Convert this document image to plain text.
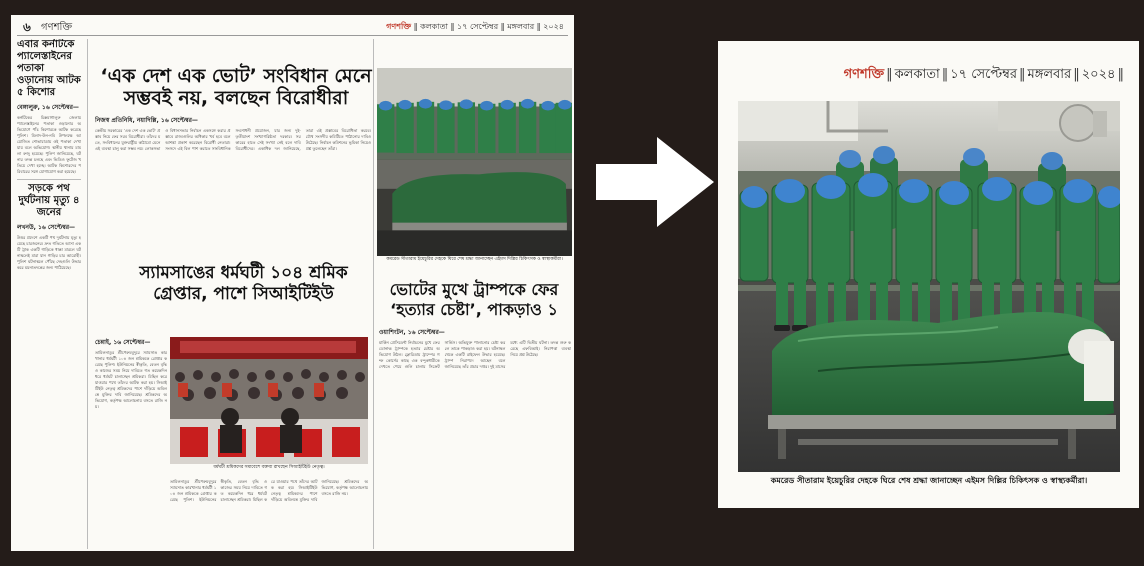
৬ গণশক্তি	গণশক্তি ‖ কলকাতা ‖ ১৭ সেপ্টেম্বর ‖ মঙ্গলবার ‖ ২০২৪
এবার কর্নাটকে প্যালেস্তাইনের পতাকা ওড়ানোয় আটক ৫ কিশোর
বেঙ্গালুরু, ১৬ সেপ্টেম্বর—
কর্নাটকের চিক্কমাগালুরু জেলায় প্যালেস্তাইনের পতাকা ওড়ানোর অভিযোগে পাঁচ কিশোরকে আটক করেছে পুলিশ। মিলাদ-উন-নবি উপলক্ষে আয়োজিত শোভাযাত্রায় ওই পতাকা দেখা যায় বলে অভিযোগ। স্থানীয় থানায় মামলা রুজু হয়েছে। পুলিশ জানিয়েছে, ঘটনার তদন্ত চলছে এবং ভিডিও ফুটেজ খতিয়ে দেখা হচ্ছে। আটক কিশোরদের পরিবারের সঙ্গে যোগাযোগ করা হয়েছে।
সড়কে পথ দুর্ঘটনায় মৃত্যু ৪ জনের
লখনউ, ১৬ সেপ্টেম্বর—
উত্তর প্রদেশে একটি পথ দুর্ঘটনায় মৃত্যু হয়েছে চারজনের। দ্রুত গতিতে আসা একটি ট্রাক একটি গাড়িকে ধাক্কা মারলে ঘটনাস্থলেই মারা যান গাড়ির চার আরোহী। পুলিশ ঘটনাস্থলে পৌঁছে দেহগুলি উদ্ধার করে ময়নাতদন্তের জন্য পাঠিয়েছে।
‘এক দেশ এক ভোট’ সংবিধান মেনে সম্ভবই নয়, বলছেন বিরোধীরা
নিজস্ব প্রতিনিধি, নয়াদিল্লি, ১৬ সেপ্টেম্বর—
কেন্দ্রীয় সরকারের ‘এক দেশ এক ভোট’ প্রস্তাব নিয়ে ফের সরব বিরোধীরা। তাঁদের মতে, সংবিধানের যুক্তরাষ্ট্রীয় কাঠামো মেনে এই ব্যবস্থা চালু করা সম্ভব নয়। লোকসভা ও বিধানসভার নির্বাচন একসঙ্গে করার প্রস্তাবে রাজ্যগুলির অধিকার খর্ব হবে বলে আশঙ্কা প্রকাশ করেছেন বিরোধী নেতারা। সংসদে এই বিল পাশ করাতে সাংবিধানিক সংশোধনী প্রয়োজন, যার জন্য দুই-তৃতীয়াংশ সংখ্যাগরিষ্ঠতা দরকার। সরকারের হাতে সেই সংখ্যা নেই বলে দাবি বিরোধীদের। একাধিক দল জানিয়েছে, তারা এই প্রস্তাবের বিরোধিতা করবে। যৌথ সংসদীয় কমিটিতে পাঠানোর দাবিও উঠেছে। নির্বাচন কমিশনের ভূমিকা নিয়েও প্রশ্ন তুলেছেন তাঁরা।
স্যামসাঙের ধর্মঘটী ১০৪ শ্রমিক গ্রেপ্তার, পাশে সিআইটিইউ
চেন্নাই, ১৬ সেপ্টেম্বর—
তামিলনাডুর শ্রীপেরুমবুদুরে স্যামসাঙ কারখানার ধর্মঘটী ১০৪ জন শ্রমিককে গ্রেপ্তার করেছে পুলিশ। ইউনিয়নের স্বীকৃতি, বেতন বৃদ্ধি ও কাজের সময় নিয়ে দাবিতে গত কয়েকদিন ধরে ধর্মঘট চালাচ্ছেন শ্রমিকরা। মিছিল করে যাওয়ার পথে তাঁদের আটক করা হয়। সিআইটিইউ নেতৃত্ব শ্রমিকদের পাশে দাঁড়িয়ে অবিলম্বে মুক্তির দাবি জানিয়েছে। শ্রমিকদের অভিযোগ, কর্তৃপক্ষ আলোচনায় বসতে রাজি নয়।
ধর্মঘটী শ্রমিকদের সমাবেশে বক্তব্য রাখছেন সিআইটিইউ নেতৃত্ব।
তামিলনাডুর শ্রীপেরুমবুদুরে স্যামসাঙ কারখানার ধর্মঘটী ১০৪ জন শ্রমিককে গ্রেপ্তার করেছে পুলিশ। ইউনিয়নের স্বীকৃতি, বেতন বৃদ্ধি ও কাজের সময় নিয়ে দাবিতে গত কয়েকদিন ধরে ধর্মঘট চালাচ্ছেন শ্রমিকরা। মিছিল করে যাওয়ার পথে তাঁদের আটক করা হয়। সিআইটিইউ নেতৃত্ব শ্রমিকদের পাশে দাঁড়িয়ে অবিলম্বে মুক্তির দাবি জানিয়েছে। শ্রমিকদের অভিযোগ, কর্তৃপক্ষ আলোচনায় বসতে রাজি নয়।
কমরেড সীতারাম ইয়েচুরির দেহকে ঘিরে শেষ শ্রদ্ধা জানাচ্ছেন এইমস দিল্লির চিকিৎসক ও স্বাস্থ্যকর্মীরা।
ভোটের মুখে ট্রাম্পকে ফের ‘হত্যার চেষ্টা’, পাকড়াও ১
ওয়াশিংটন, ১৬ সেপ্টেম্বর—
মার্কিন প্রেসিডেন্ট নির্বাচনের মুখে ফের ডোনাল্ড ট্রাম্পকে হত্যার চেষ্টার অভিযোগ উঠল। ফ্লোরিডায় ট্রাম্পের গল্ফ কোর্সের কাছে এক বন্দুকধারীকে দেখতে পেয়ে গুলি চালায় সিক্রেট সার্ভিস। অভিযুক্ত পালানোর চেষ্টা করলে তাকে পাকড়াও করা হয়। ঘটনাস্থল থেকে একটি রাইফেল উদ্ধার হয়েছে। ট্রাম্প নিরাপদে আছেন বলে জানিয়েছে তাঁর প্রচার দপ্তর। দুই মাসের মধ্যে এটি দ্বিতীয় ঘটনা। তদন্ত শুরু করেছে এফবিআই। নিরাপত্তা ব্যবস্থা নিয়ে প্রশ্ন উঠেছে।
গণশক্তি ‖ কলকাতা ‖ ১৭ সেপ্টেম্বর ‖ মঙ্গলবার ‖ ২০২৪ ‖
কমরেড সীতারাম ইয়েচুরির দেহকে ঘিরে শেষ শ্রদ্ধা জানাচ্ছেন এইমস দিল্লির চিকিৎসক ও স্বাস্থ্যকর্মীরা।
